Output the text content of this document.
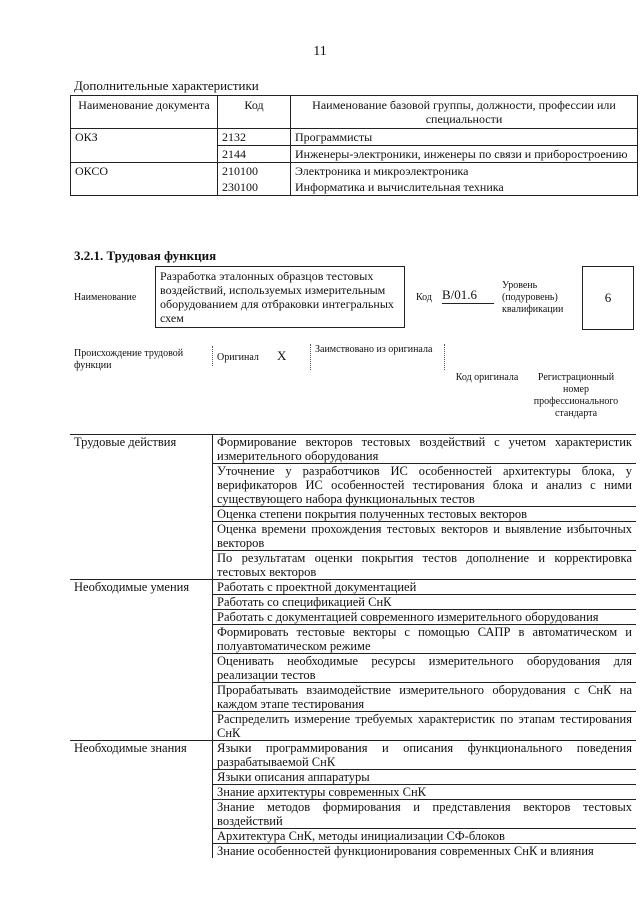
11
Дополнительные характеристики
Наименование документа	Код	Наименование базовой группы, должности, профессии или специальности
ОКЗ	2132	Программисты
	2144	Инженеры-электроники, инженеры по связи и приборостроению
ОКСО	210100	Электроника и микроэлектроника
	230100	Информатика и вычислительная техника
3.2.1. Трудовая функция
Наименование
Разработка эталонных образцов тестовых воздействий, используемых измерительным оборудованием для отбраковки интегральных схем
Код В/01.6
Уровень (подуровень) квалификации
6
Происхождение трудовой функции
Оригинал Х	Заимствовано из оригинала
Код оригинала	Регистрационный номер профессионального стандарта
Трудовые действия	Формирование векторов тестовых воздействий с учетом характеристик измерительного оборудования
	Уточнение у разработчиков ИС особенностей архитектуры блока, у верификаторов ИС особенностей тестирования блока и анализ с ними существующего набора функциональных тестов
	Оценка степени покрытия полученных тестовых векторов
	Оценка времени прохождения тестовых векторов и выявление избыточных векторов
	По результатам оценки покрытия тестов дополнение и корректировка тестовых векторов
Необходимые умения	Работать с проектной документацией
	Работать со спецификацией СнК
	Работать с документацией современного измерительного оборудования
	Формировать тестовые векторы с помощью САПР в автоматическом и полуавтоматическом режиме
	Оценивать необходимые ресурсы измерительного оборудования для реализации тестов
	Прорабатывать взаимодействие измерительного оборудования с СнК на каждом этапе тестирования
	Распределить измерение требуемых характеристик по этапам тестирования СнК
Необходимые знания	Языки программирования и описания функционального поведения разрабатываемой СнК
	Языки описания аппаратуры
	Знание архитектуры современных СнК
	Знание методов формирования и представления векторов тестовых воздействий
	Архитектура СнК, методы инициализации СФ-блоков
	Знание особенностей функционирования современных СнК и влияния
